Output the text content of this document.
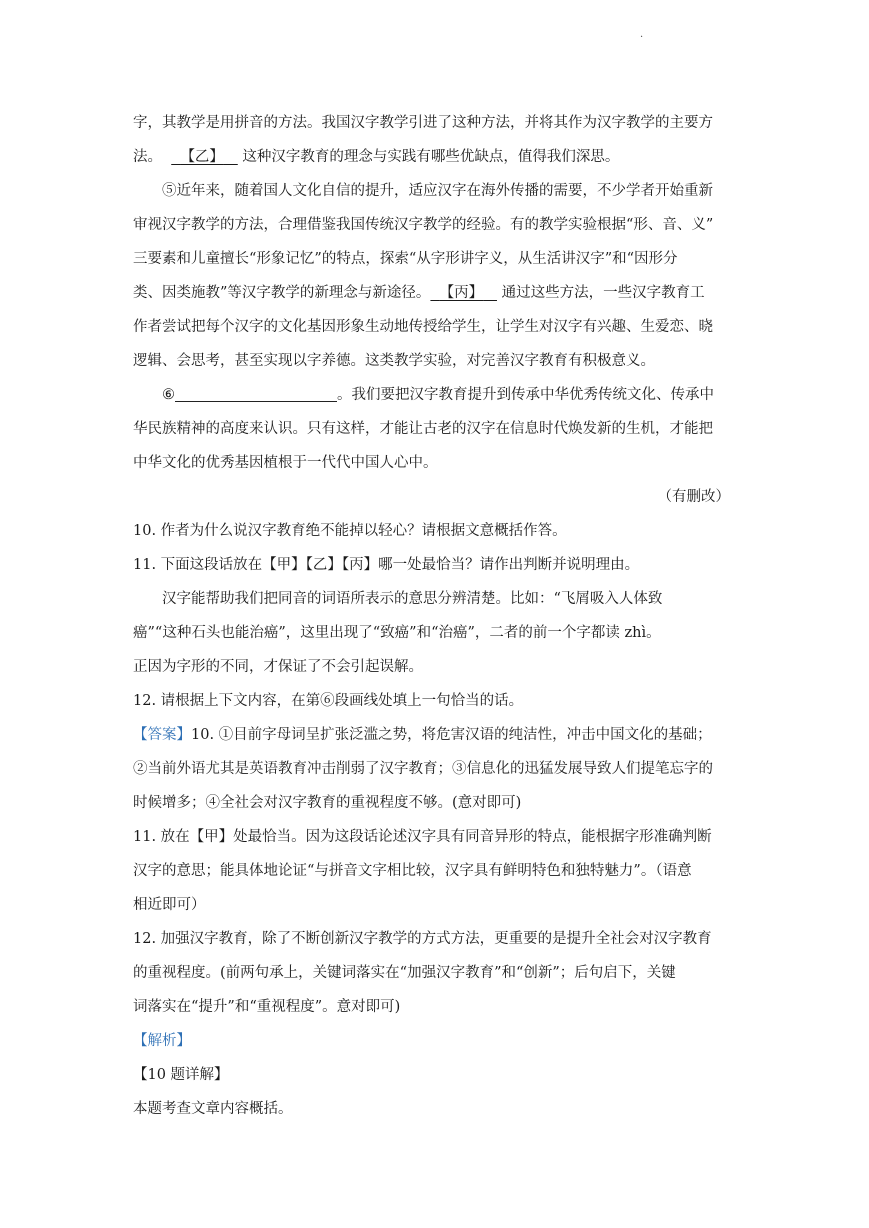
·
字，其教学是用拼音的方法。我国汉字教学引进了这种方法，并将其作为汉字教学的主要方
法。 【乙】 这种汉字教育的理念与实践有哪些优缺点，值得我们深思。
⑤近年来，随着国人文化自信的提升，适应汉字在海外传播的需要，不少学者开始重新
审视汉字教学的方法，合理借鉴我国传统汉字教学的经验。有的教学实验根据“形、音、义”
三要素和儿童擅长“形象记忆”的特点，探索“从字形讲字义，从生活讲汉字”和“因形分
类、因类施教”等汉字教学的新理念与新途径。 【丙】 通过这些方法，一些汉字教育工
作者尝试把每个汉字的文化基因形象生动地传授给学生，让学生对汉字有兴趣、生爱恋、晓
逻辑、会思考，甚至实现以字养德。这类教学实验，对完善汉字教育有积极意义。
⑥	。我们要把汉字教育提升到传承中华优秀传统文化、传承中
华民族精神的高度来认识。只有这样，才能让古老的汉字在信息时代焕发新的生机，才能把
中华文化的优秀基因植根于一代代中国人心中。
（有删改）
10. 作者为什么说汉字教育绝不能掉以轻心？请根据文意概括作答。
11. 下面这段话放在【甲】【乙】【丙】哪一处最恰当？请作出判断并说明理由。
汉字能帮助我们把同音的词语所表示的意思分辨清楚。比如：“飞屑吸入人体致
癌”“这种石头也能治癌”，这里出现了“致癌”和“治癌”，二者的前一个字都读 zhì。
正因为字形的不同，才保证了不会引起误解。
12. 请根据上下文内容，在第⑥段画线处填上一句恰当的话。
【答案】10. ①目前字母词呈扩张泛滥之势，将危害汉语的纯洁性，冲击中国文化的基础；
②当前外语尤其是英语教育冲击削弱了汉字教育；③信息化的迅猛发展导致人们提笔忘字的
时候增多；④全社会对汉字教育的重视程度不够。(意对即可)
11. 放在【甲】处最恰当。因为这段话论述汉字具有同音异形的特点，能根据字形准确判断
汉字的意思；能具体地论证“与拼音文字相比较，汉字具有鲜明特色和独特魅力”。（语意
相近即可）
12. 加强汉字教育，除了不断创新汉字教学的方式方法，更重要的是提升全社会对汉字教育
的重视程度。(前两句承上，关键词落实在“加强汉字教育”和“创新”；后句启下，关键
词落实在“提升”和“重视程度”。意对即可)
【解析】
【10 题详解】
本题考查文章内容概括。
